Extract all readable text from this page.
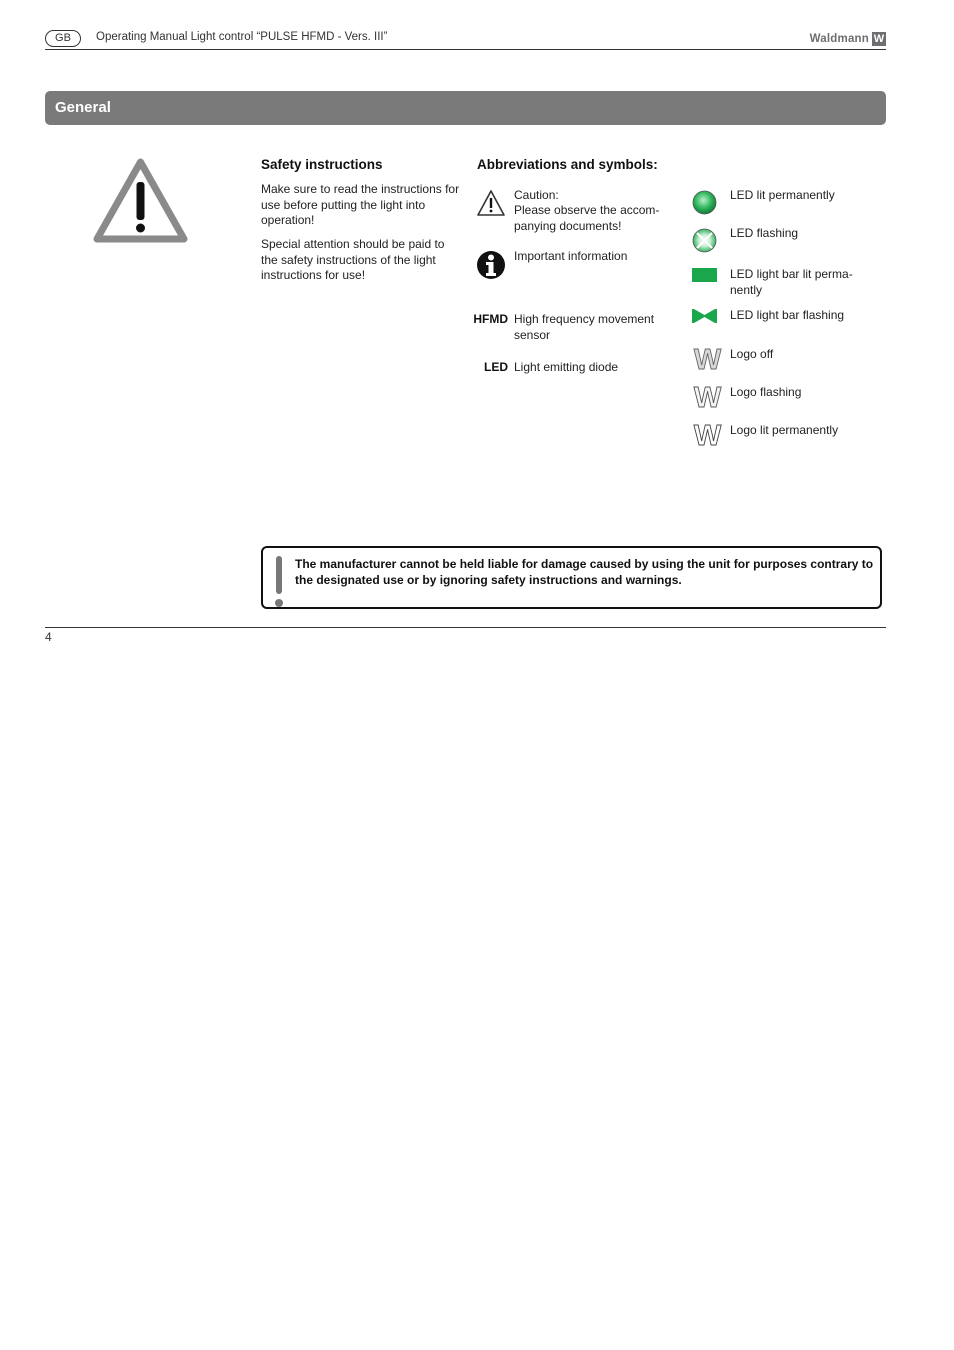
GB	Operating Manual Light control “PULSE HFMD - Vers. III”	Waldmann W
General
Safety instructions
Make sure to read the instructions for use before putting the light into operation!
Special attention should be paid to the safety instructions of the light instructions for use!
Abbreviations and symbols:
Caution:
Please observe the accom-panying documents!
Important information
HFMD High frequency movement sensor
LED Light emitting diode
LED lit permanently
LED flashing
LED light bar lit perma-nently
LED light bar flashing
W Logo off
W Logo flashing
W Logo lit permanently
The manufacturer cannot be held liable for damage caused by using the unit for purposes contrary to the designated use or by ignoring safety instructions and warnings.
4
